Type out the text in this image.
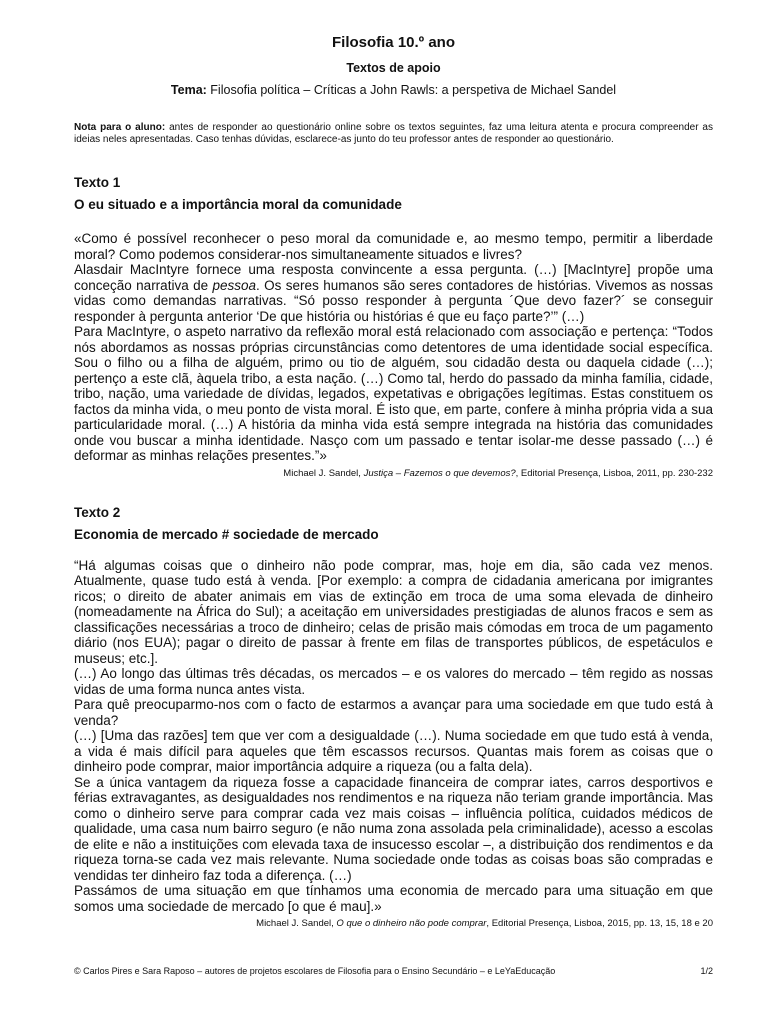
Filosofia 10.º ano
Textos de apoio

Tema: Filosofia política – Críticas a John Rawls: a perspetiva de Michael Sandel

Nota para o aluno: antes de responder ao questionário online sobre os textos seguintes, faz uma leitura atenta e procura compreender as ideias neles apresentadas. Caso tenhas dúvidas, esclarece-as junto do teu professor antes de responder ao questionário.

Texto 1

O eu situado e a importância moral da comunidade

«Como é possível reconhecer o peso moral da comunidade e, ao mesmo tempo, permitir a liberdade moral? Como podemos considerar-nos simultaneamente situados e livres?

Alasdair MacIntyre fornece uma resposta convincente a essa pergunta. (…) [MacIntyre] propõe uma conceção narrativa de pessoa. Os seres humanos são seres contadores de histórias. Vivemos as nossas vidas como demandas narrativas. “Só posso responder à pergunta ´Que devo fazer?´ se conseguir responder à pergunta anterior ‘De que história ou histórias é que eu faço parte?’” (…)

Para MacIntyre, o aspeto narrativo da reflexão moral está relacionado com associação e pertença: “Todos nós abordamos as nossas próprias circunstâncias como detentores de uma identidade social específica. Sou o filho ou a filha de alguém, primo ou tio de alguém, sou cidadão desta ou daquela cidade (…); pertenço a este clã, àquela tribo, a esta nação. (…) Como tal, herdo do passado da minha família, cidade, tribo, nação, uma variedade de dívidas, legados, expetativas e obrigações legítimas. Estas constituem os factos da minha vida, o meu ponto de vista moral. É isto que, em parte, confere à minha própria vida a sua particularidade moral. (…) A história da minha vida está sempre integrada na história das comunidades onde vou buscar a minha identidade. Nasço com um passado e tentar isolar-me desse passado (…) é deformar as minhas relações presentes.”»

Michael J. Sandel, Justiça – Fazemos o que devemos?, Editorial Presença, Lisboa, 2011, pp. 230-232

Texto 2

Economia de mercado # sociedade de mercado

“Há algumas coisas que o dinheiro não pode comprar, mas, hoje em dia, são cada vez menos. Atualmente, quase tudo está à venda. [Por exemplo: a compra de cidadania americana por imigrantes ricos; o direito de abater animais em vias de extinção em troca de uma soma elevada de dinheiro (nomeadamente na África do Sul); a aceitação em universidades prestigiadas de alunos fracos e sem as classificações necessárias a troco de dinheiro; celas de prisão mais cómodas em troca de um pagamento diário (nos EUA); pagar o direito de passar à frente em filas de transportes públicos, de espetáculos e museus; etc.].

(…) Ao longo das últimas três décadas, os mercados – e os valores do mercado – têm regido as nossas vidas de uma forma nunca antes vista.

Para quê preocuparmo-nos com o facto de estarmos a avançar para uma sociedade em que tudo está à venda?

(…) [Uma das razões] tem que ver com a desigualdade (…). Numa sociedade em que tudo está à venda, a vida é mais difícil para aqueles que têm escassos recursos. Quantas mais forem as coisas que o dinheiro pode comprar, maior importância adquire a riqueza (ou a falta dela).

Se a única vantagem da riqueza fosse a capacidade financeira de comprar iates, carros desportivos e férias extravagantes, as desigualdades nos rendimentos e na riqueza não teriam grande importância. Mas como o dinheiro serve para comprar cada vez mais coisas – influência política, cuidados médicos de qualidade, uma casa num bairro seguro (e não numa zona assolada pela criminalidade), acesso a escolas de elite e não a instituições com elevada taxa de insucesso escolar –, a distribuição dos rendimentos e da riqueza torna-se cada vez mais relevante. Numa sociedade onde todas as coisas boas são compradas e vendidas ter dinheiro faz toda a diferença. (…)

Passámos de uma situação em que tínhamos uma economia de mercado para uma situação em que somos uma sociedade de mercado [o que é mau].»

Michael J. Sandel, O que o dinheiro não pode comprar, Editorial Presença, Lisboa, 2015, pp. 13, 15, 18 e 20

© Carlos Pires e Sara Raposo – autores de projetos escolares de Filosofia para o Ensino Secundário – e LeYaEducação	1/2
